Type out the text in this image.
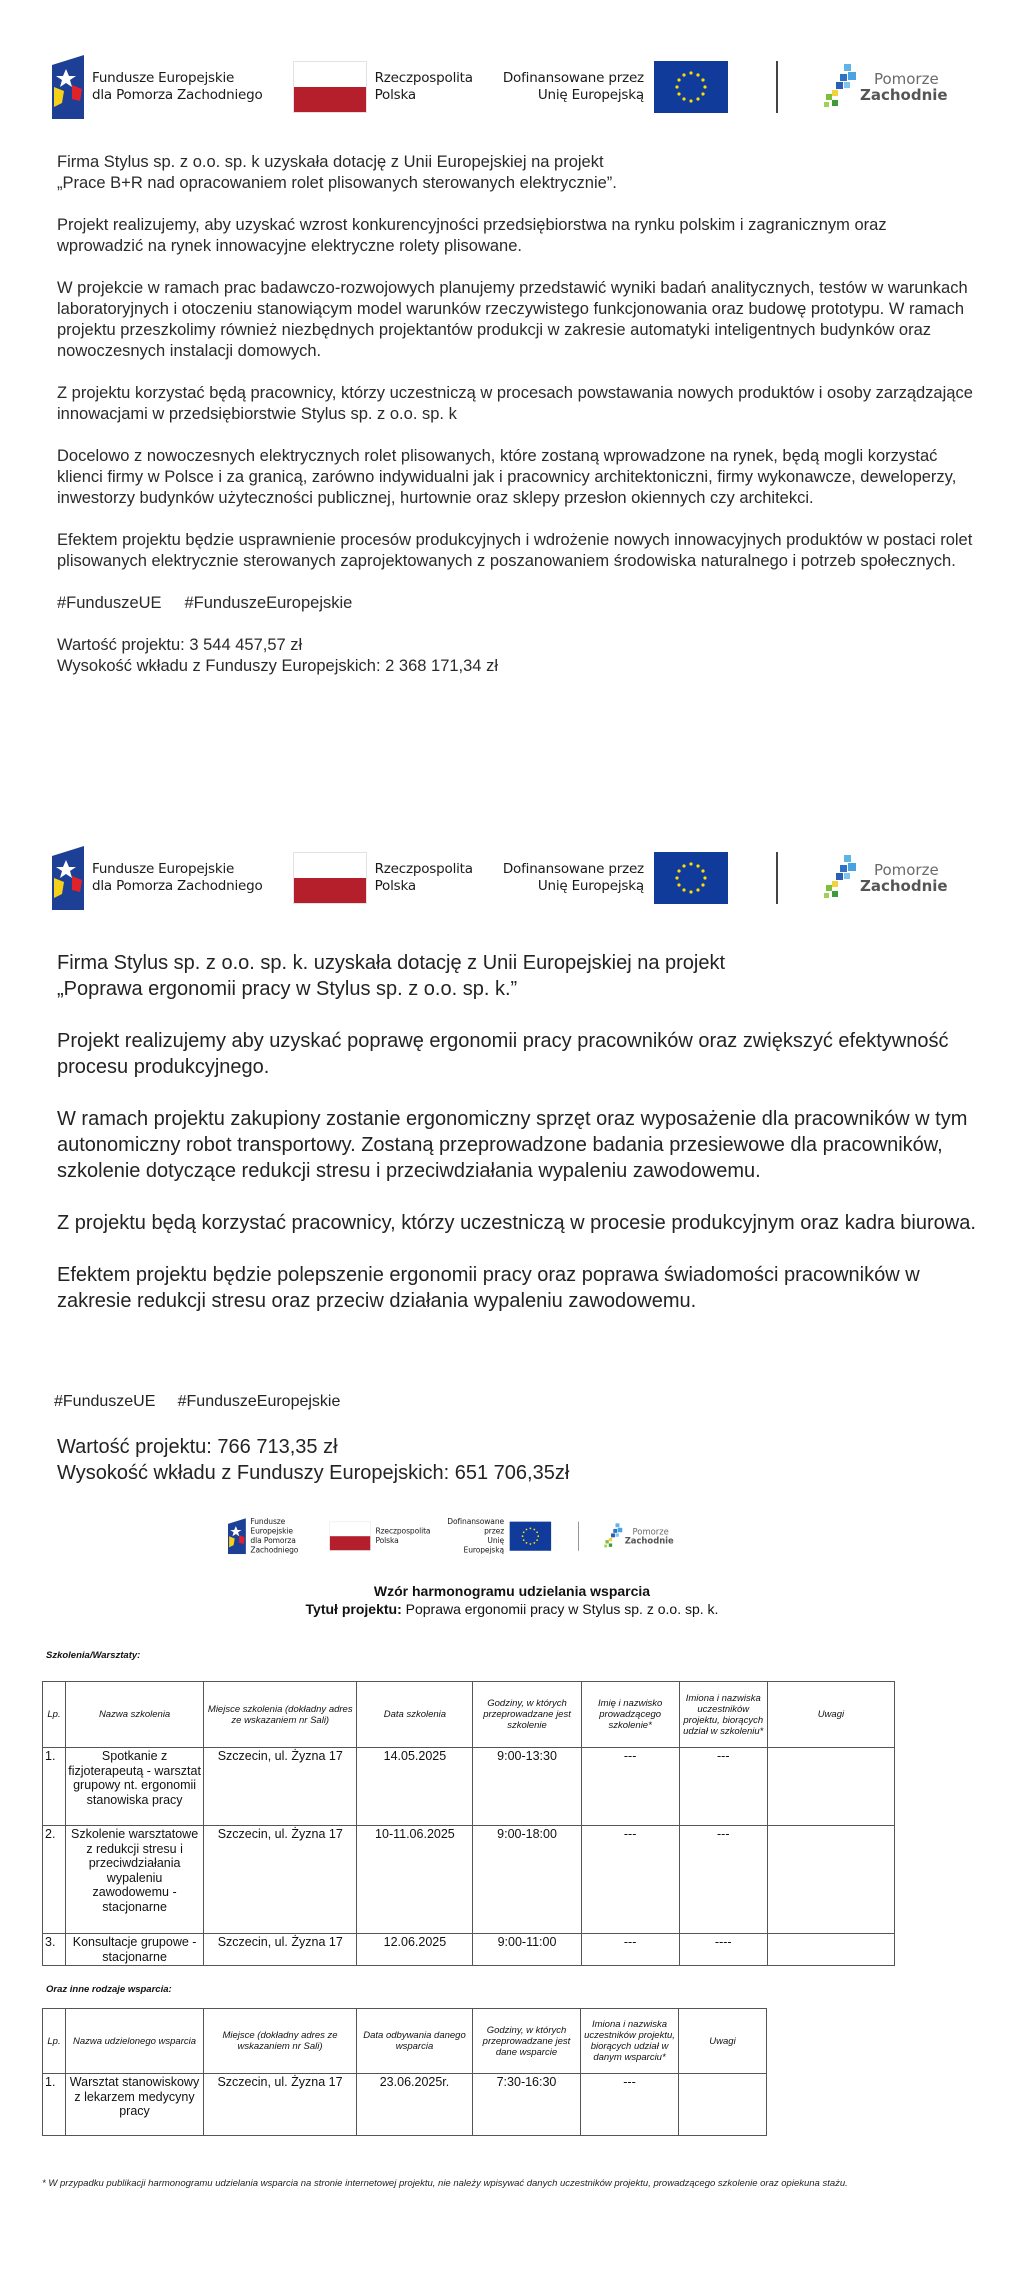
Fundusze Europejskie
dla Pomorza Zachodniego
Rzeczpospolita
Polska
Dofinansowane przez
Unię Europejską
Pomorze
Zachodnie

Firma Stylus sp. z o.o. sp. k uzyskała dotację z Unii Europejskiej na projekt

„Prace B+R nad opracowaniem rolet plisowanych sterowanych elektrycznie”.

Projekt realizujemy, aby uzyskać wzrost konkurencyjności przedsiębiorstwa na rynku polskim i zagranicznym oraz wprowadzić na rynek innowacyjne elektryczne rolety plisowane.

W projekcie w ramach prac badawczo-rozwojowych planujemy przedstawić wyniki badań analitycznych, testów w warunkach laboratoryjnych i otoczeniu stanowiącym model warunków rzeczywistego funkcjonowania oraz budowę prototypu. W ramach projektu przeszkolimy również niezbędnych projektantów produkcji w zakresie automatyki inteligentnych budynków oraz nowoczesnych instalacji domowych.

Z projektu korzystać będą pracownicy, którzy uczestniczą w procesach powstawania nowych produktów i osoby zarządzające innowacjami w przedsiębiorstwie Stylus sp. z o.o. sp. k

Docelowo z nowoczesnych elektrycznych rolet plisowanych, które zostaną wprowadzone na rynek, będą mogli korzystać klienci firmy w Polsce i za granicą, zarówno indywidualni jak i pracownicy architektoniczni, firmy wykonawcze, deweloperzy, inwestorzy budynków użyteczności publicznej, hurtownie oraz sklepy przesłon okiennych czy architekci.

Efektem projektu będzie usprawnienie procesów produkcyjnych i wdrożenie nowych innowacyjnych produktów w postaci rolet plisowanych elektrycznie sterowanych zaprojektowanych z poszanowaniem środowiska naturalnego i potrzeb społecznych.

#FunduszeUE     #FunduszeEuropejskie

Wartość projektu: 3 544 457,57 zł

Wysokość wkładu z Funduszy Europejskich: 2 368 171,34 zł

Fundusze Europejskie
dla Pomorza Zachodniego
Rzeczpospolita
Polska
Dofinansowane przez
Unię Europejską
Pomorze
Zachodnie

Firma Stylus sp. z o.o. sp. k. uzyskała dotację z Unii Europejskiej na projekt

„Poprawa ergonomii pracy w Stylus sp. z o.o. sp. k.”

Projekt realizujemy aby uzyskać poprawę ergonomii pracy pracowników oraz zwiększyć efektywność procesu produkcyjnego.

W ramach projektu zakupiony zostanie ergonomiczny sprzęt oraz wyposażenie dla pracowników w tym autonomiczny robot transportowy. Zostaną przeprowadzone badania przesiewowe dla pracowników, szkolenie dotyczące redukcji stresu i przeciwdziałania wypaleniu zawodowemu.

Z projektu będą korzystać pracownicy, którzy uczestniczą w procesie produkcyjnym oraz kadra biurowa.

Efektem projektu będzie polepszenie ergonomii pracy oraz poprawa świadomości pracowników w zakresie redukcji stresu oraz przeciw działania wypaleniu zawodowemu.

#FunduszeUE     #FunduszeEuropejskie
Wartość projektu: 766 713,35 zł
Wysokość wkładu z Funduszy Europejskich: 651 706,35zł
Fundusze Europejskie
dla Pomorza Zachodniego
Rzeczpospolita
Polska
Dofinansowane przez
Unię Europejską
Pomorze
Zachodnie
Wzór harmonogramu udzielania wsparcia
Tytuł projektu: Poprawa ergonomii pracy w Stylus sp. z o.o. sp. k.
Szkolenia/Warsztaty:
Lp.	Nazwa szkolenia	Miejsce szkolenia (dokładny adres ze wskazaniem nr Sali)	Data szkolenia	Godziny, w których przeprowadzane jest szkolenie	Imię i nazwisko prowadzącego szkolenie*	Imiona i nazwiska uczestników projektu, biorących udział w szkoleniu*	Uwagi
1.	Spotkanie z fizjoterapeutą - warsztat grupowy nt. ergonomii stanowiska pracy	Szczecin, ul. Żyzna 17	14.05.2025	9:00-13:30	---	---	
2.	Szkolenie warsztatowe z redukcji stresu i przeciwdziałania wypaleniu zawodowemu - stacjonarne	Szczecin, ul. Żyzna 17	10-11.06.2025	9:00-18:00	---	---	
3.	Konsultacje grupowe - stacjonarne	Szczecin, ul. Żyzna 17	12.06.2025	9:00-11:00	---	----	
Oraz inne rodzaje wsparcia:
Lp.	Nazwa udzielonego wsparcia	Miejsce (dokładny adres ze wskazaniem nr Sali)	Data odbywania danego wsparcia	Godziny, w których przeprowadzane jest dane wsparcie	Imiona i nazwiska uczestników projektu, biorących udział w danym wsparciu*	Uwagi
1.	Warsztat stanowiskowy z lekarzem medycyny pracy	Szczecin, ul. Żyzna 17	23.06.2025r.	7:30-16:30	---	
* W przypadku publikacji harmonogramu udzielania wsparcia na stronie internetowej projektu, nie należy wpisywać danych uczestników projektu, prowadzącego szkolenie oraz opiekuna stażu.
